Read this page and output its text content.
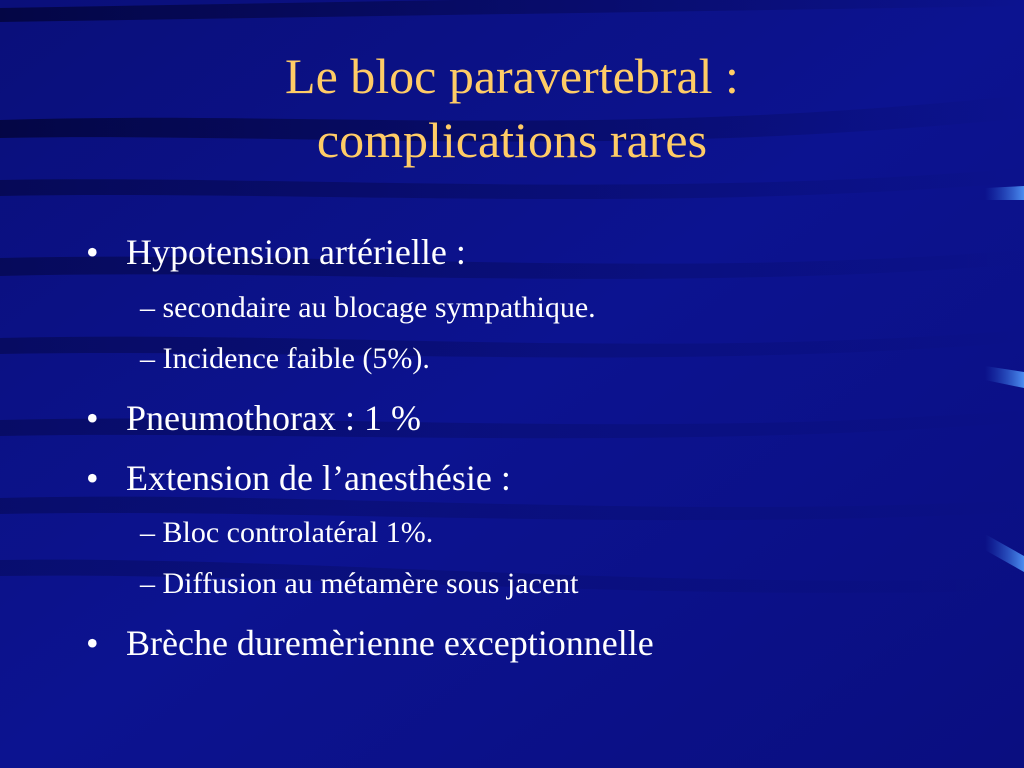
Le bloc paravertebral :
complications rares
• Hypotension artérielle :
– secondaire au blocage sympathique.
– Incidence faible (5%).
• Pneumothorax : 1 %
• Extension de l’anesthésie :
– Bloc controlatéral 1%.
– Diffusion au métamère sous jacent
• Brèche duremèrienne exceptionnelle
